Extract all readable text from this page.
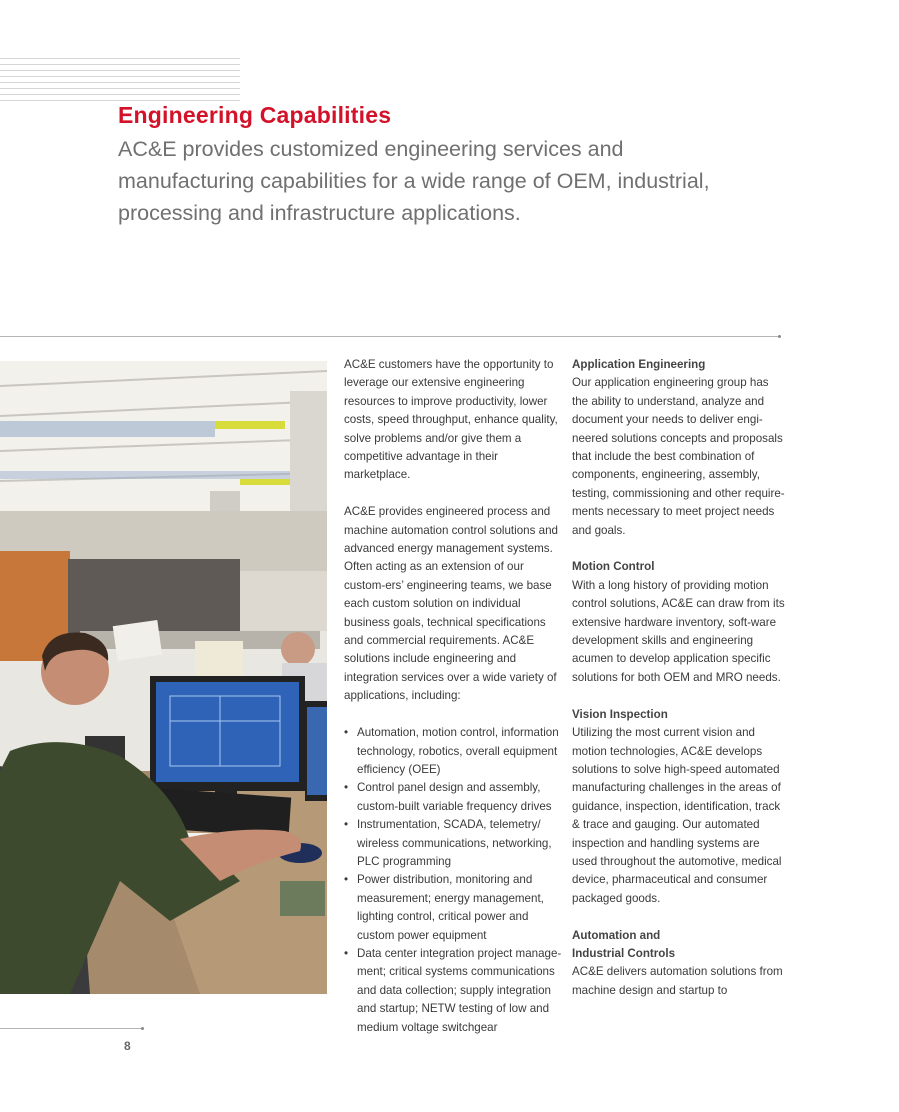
Engineering Capabilities
AC&E provides customized engineering services and manufacturing capabilities for a wide range of OEM, industrial, processing and infrastructure applications.

AC&E customers have the opportunity to leverage our extensive engineering resources to improve productivity, lower costs, speed throughput, enhance quality, solve problems and/or give them a competitive advantage in their marketplace.

AC&E provides engineered process and machine automation control solutions and advanced energy management systems. Often acting as an extension of our custom-ers’ engineering teams, we base each custom solution on individual business goals, technical specifications and commercial requirements. AC&E solutions include engineering and integration services over a wide variety of applications, including:

• Automation, motion control, information technology, robotics, overall equipment efficiency (OEE)
• Control panel design and assembly, custom-built variable frequency drives
• Instrumentation, SCADA, telemetry/ wireless communications, networking, PLC programming
• Power distribution, monitoring and measurement; energy management, lighting control, critical power and custom power equipment
• Data center integration project manage-ment; critical systems communications and data collection; supply integration and startup; NETW testing of low and medium voltage switchgear
Application Engineering

Our application engineering group has the ability to understand, analyze and document your needs to deliver engi-neered solutions concepts and proposals that include the best combination of components, engineering, assembly, testing, commissioning and other require-ments necessary to meet project needs and goals.

Motion Control

With a long history of providing motion control solutions, AC&E can draw from its extensive hardware inventory, soft-ware development skills and engineering acumen to develop application specific solutions for both OEM and MRO needs.

Vision Inspection

Utilizing the most current vision and motion technologies, AC&E develops solutions to solve high-speed automated manufacturing challenges in the areas of guidance, inspection, identification, track & trace and gauging. Our automated inspection and handling systems are used throughout the automotive, medical device, pharmaceutical and consumer packaged goods.

Automation and
Industrial Controls

AC&E delivers automation solutions from machine design and startup to

8
